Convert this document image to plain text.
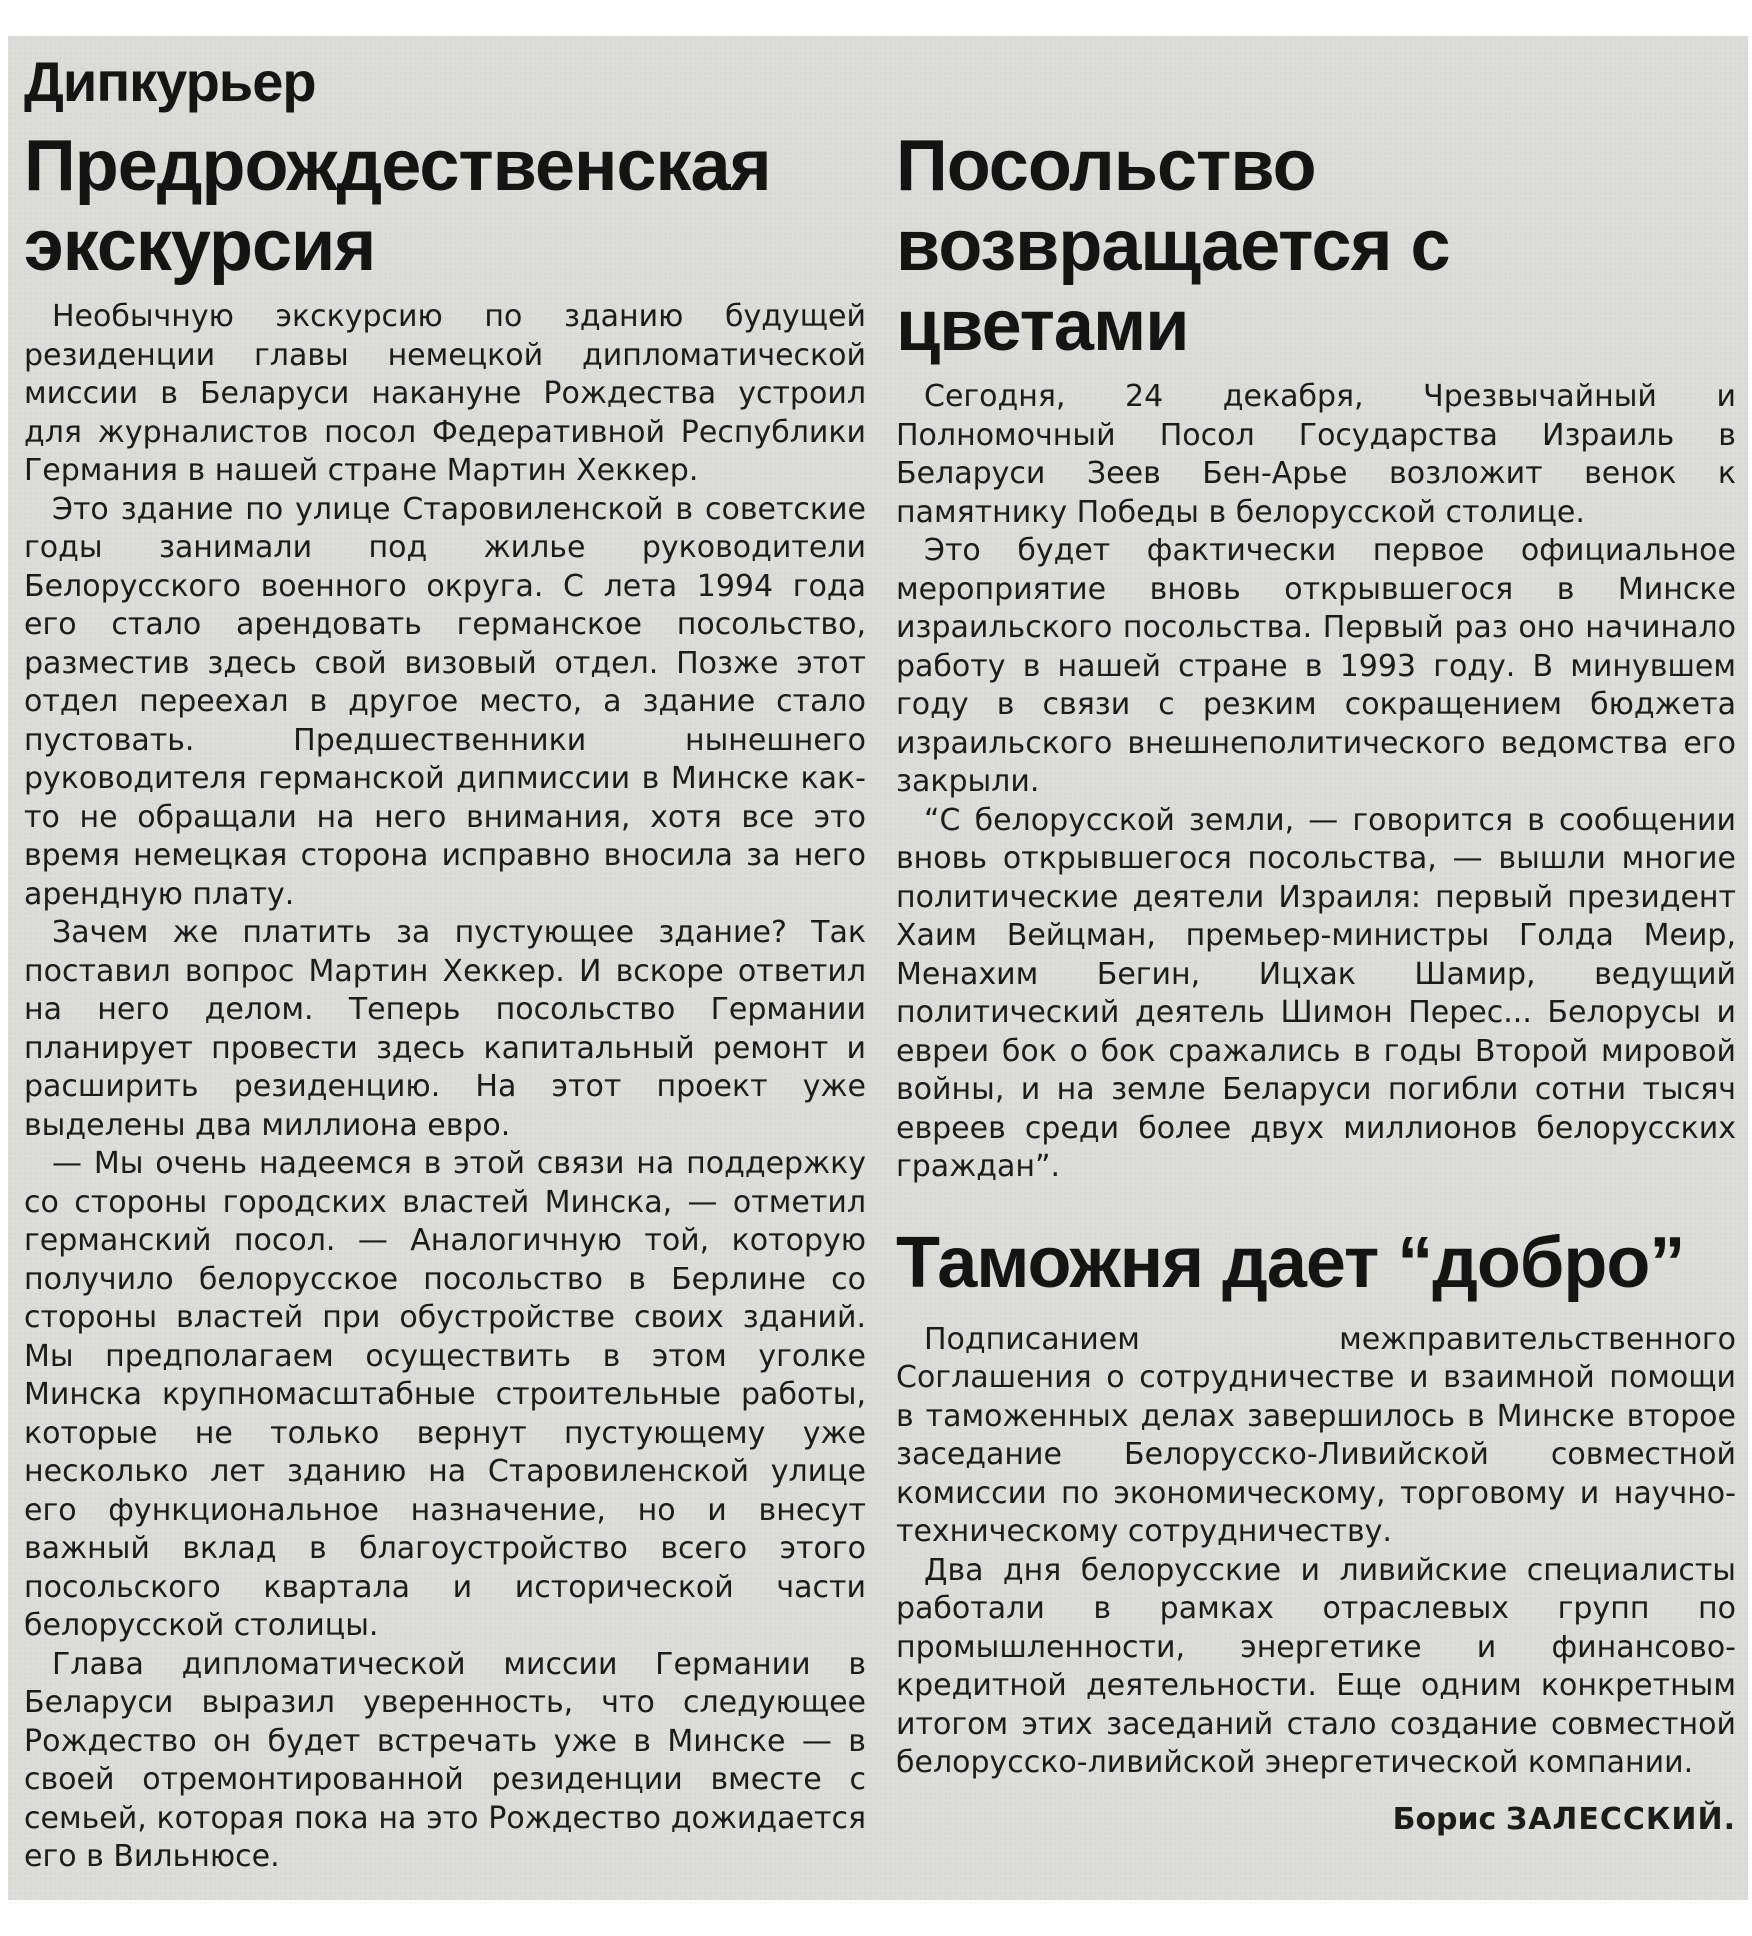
Дипкурьер
Предрождественская экскурсия

Необычную экскурсию по зданию будущей резиденции главы немецкой дипломатической миссии в Беларуси накануне Рождества устроил для журналистов посол Федеративной Республики Германия в нашей стране Мартин Хеккер.

Это здание по улице Старовиленской в советские годы занимали под жилье руководители Белорусского военного округа. С лета 1994 года его стало арендовать германское посольство, разместив здесь свой визовый отдел. Позже этот отдел переехал в другое место, а здание стало пустовать. Предшественники нынешнего руководителя германской дипмиссии в Минске как-то не обращали на него внимания, хотя все это время немецкая сторона исправно вносила за него арендную плату.

Зачем же платить за пустующее здание? Так поставил вопрос Мартин Хеккер. И вскоре ответил на него делом. Теперь посольство Германии планирует провести здесь капитальный ремонт и расширить резиденцию. На этот проект уже выделены два миллиона евро.

— Мы очень надеемся в этой связи на поддержку со стороны городских властей Минска, — отметил германский посол. — Аналогичную той, которую получило белорусское посольство в Берлине со стороны властей при обустройстве своих зданий. Мы предполагаем осуществить в этом уголке Минска крупномасштабные строительные работы, которые не только вернут пустующему уже несколько лет зданию на Старовиленской улице его функциональное назначение, но и внесут важный вклад в благоустройство всего этого посольского квартала и исторической части белорусской столицы.

Глава дипломатической миссии Германии в Беларуси выразил уверенность, что следующее Рождество он будет встречать уже в Минске — в своей отремонтированной резиденции вместе с семьей, которая пока на это Рождество дожидается его в Вильнюсе.

Посольство возвращается с цветами

Сегодня, 24 декабря, Чрезвычайный и Полномочный Посол Государства Израиль в Беларуси Зеев Бен-Арье возложит венок к памятнику Победы в белорусской столице.

Это будет фактически первое официальное мероприятие вновь открывшегося в Минске израильского посольства. Первый раз оно начинало работу в нашей стране в 1993 году. В минувшем году в связи с резким сокращением бюджета израильского внешнеполитического ведомства его закрыли.

“С белорусской земли, — говорится в сообщении вновь открывшегося посольства, — вышли многие политические деятели Израиля: первый президент Хаим Вейцман, премьер-министры Голда Меир, Менахим Бегин, Ицхак Шамир, ведущий политический деятель Шимон Перес... Белорусы и евреи бок о бок сражались в годы Второй мировой войны, и на земле Беларуси погибли сотни тысяч евреев среди более двух миллионов белорусских граждан”.

Таможня дает “добро”

Подписанием межправительственного Соглашения о сотрудничестве и взаимной помощи в таможенных делах завершилось в Минске второе заседание Белорусско-Ливийской совместной комиссии по экономическому, торговому и научно-техническому сотрудничеству.

Два дня белорусские и ливийские специалисты работали в рамках отраслевых групп по промышленности, энергетике и финансово-кредитной деятельности. Еще одним конкретным итогом этих заседаний стало создание совместной белорусско-ливийской энергетической компании.

Борис ЗАЛЕССКИЙ.
